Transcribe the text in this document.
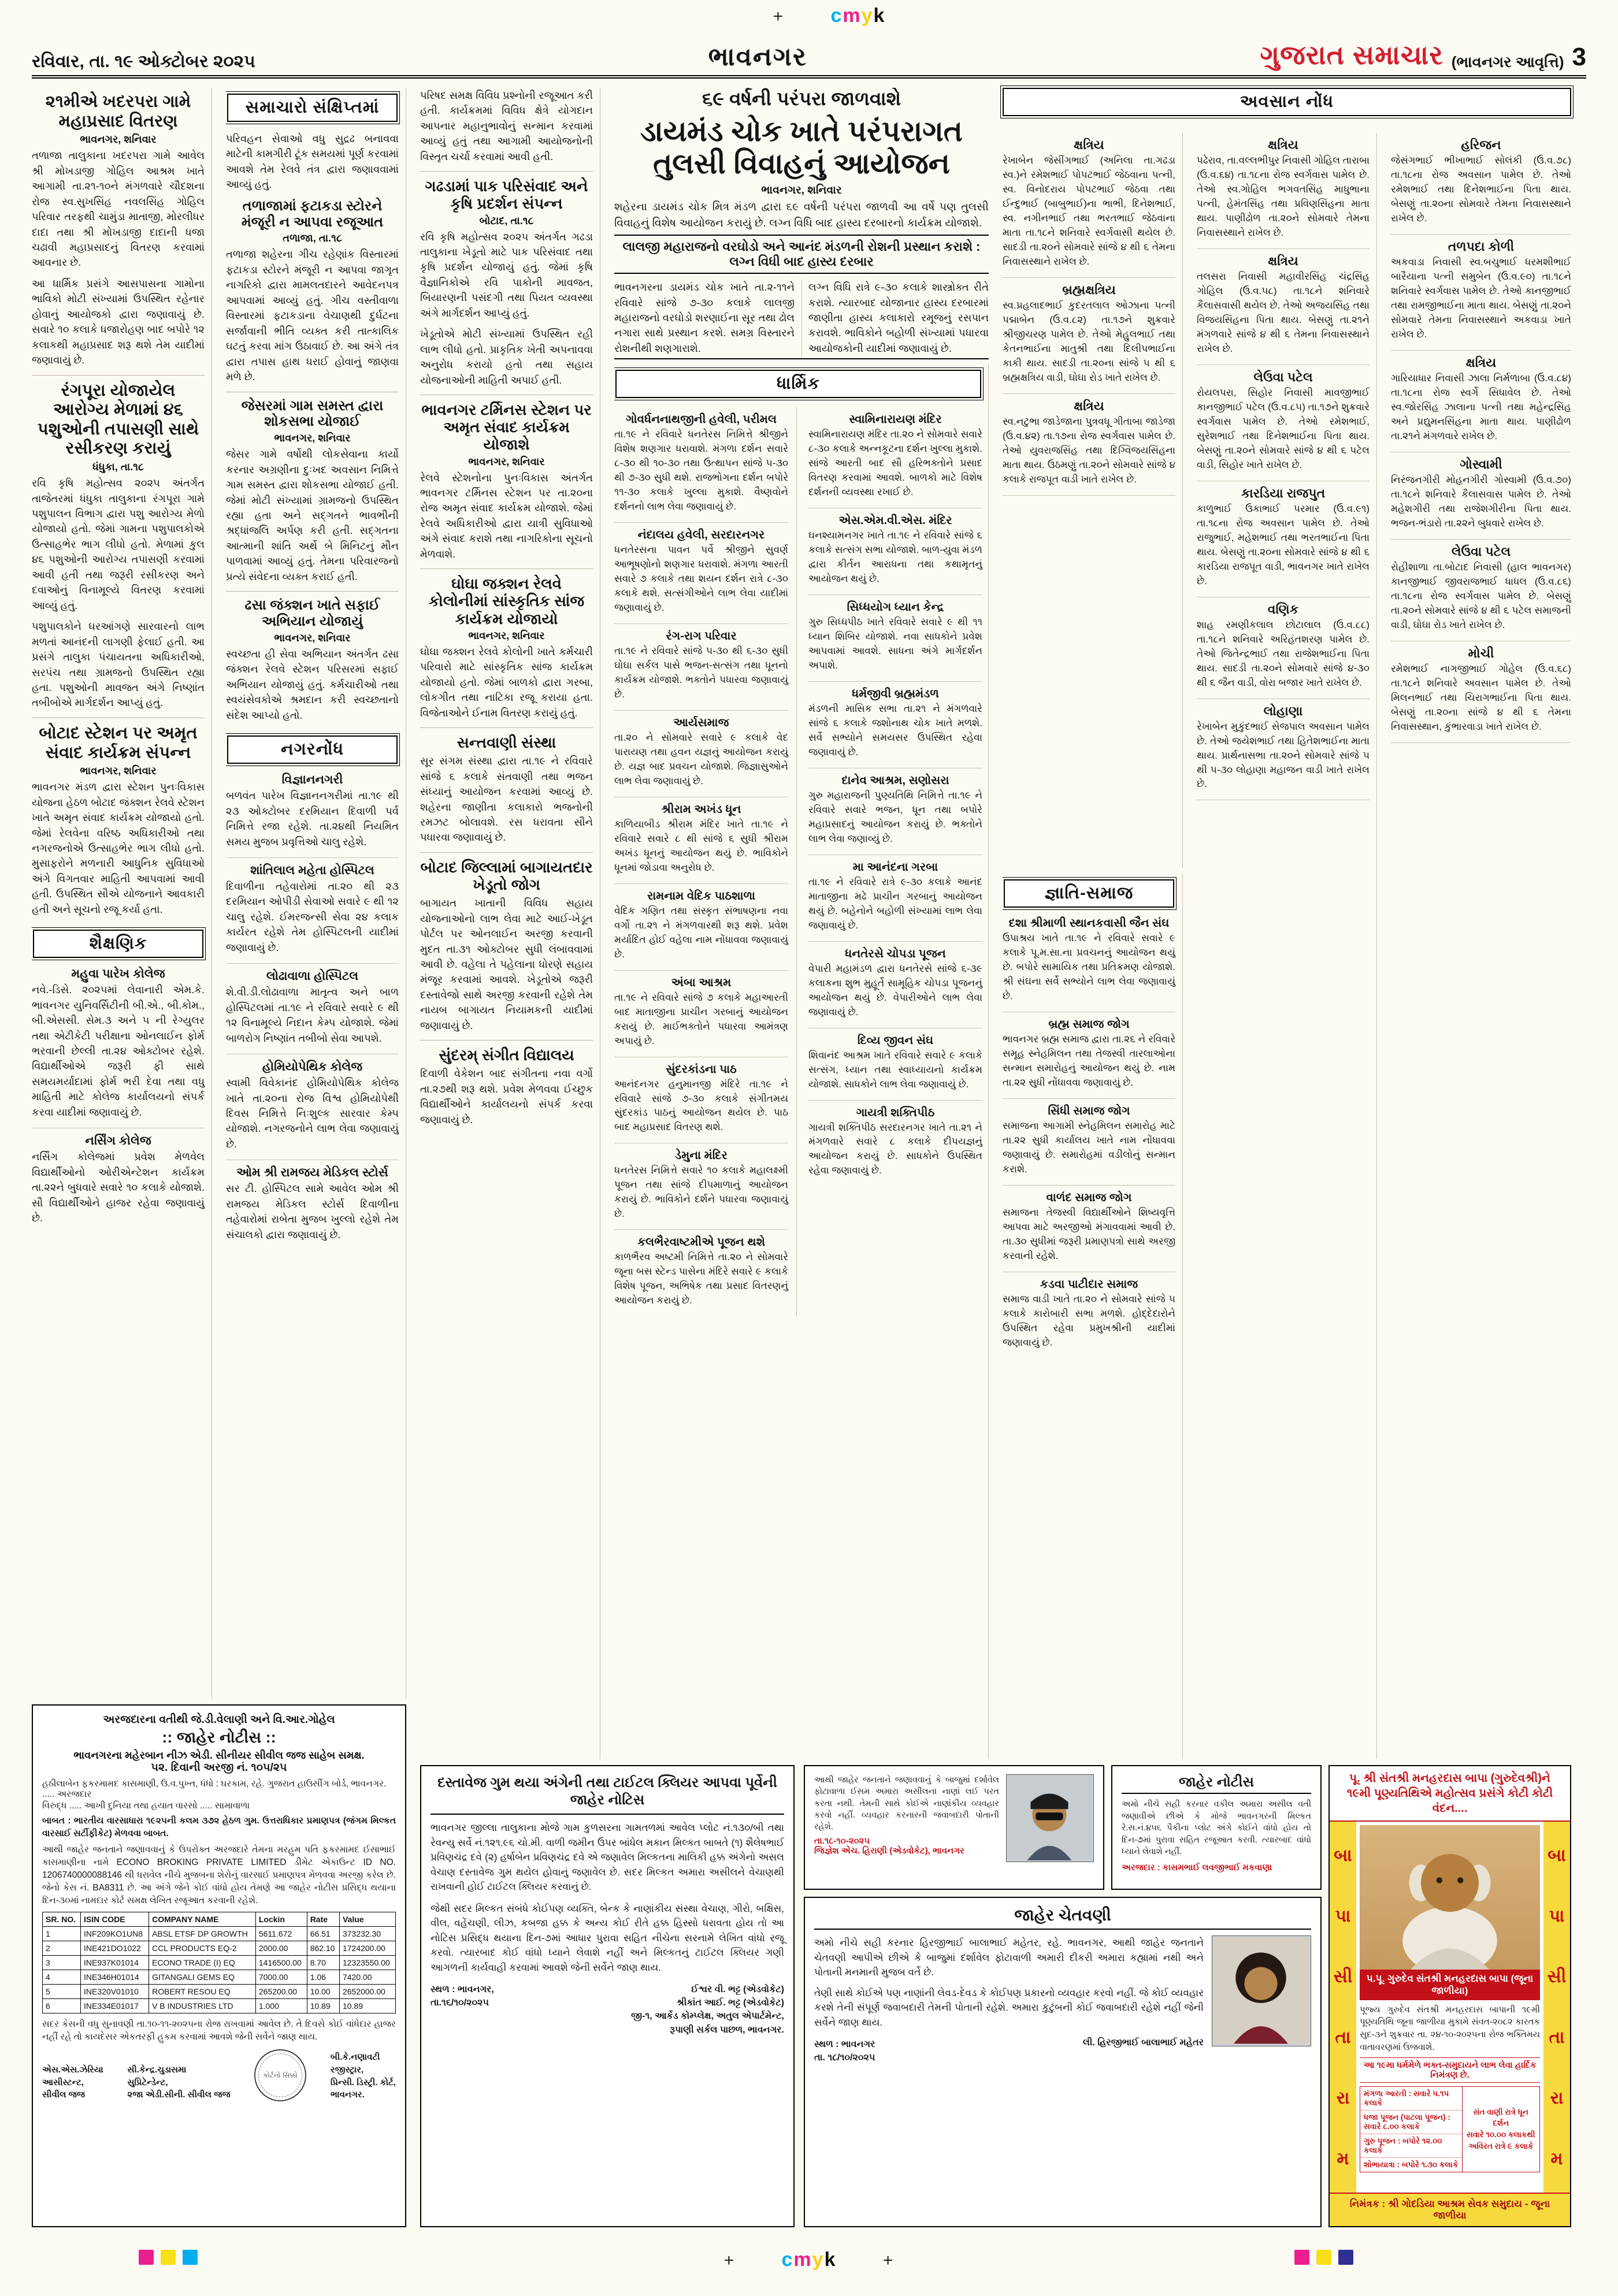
+ cmyk
રવિવાર, તા. ૧૯ ઓક્ટોબર ૨૦૨૫	ભાવનગર	ગુજરાત સમાચાર (ભાવનગર આવૃત્તિ) 3
૨૧મીએ ખદરપરા ગામે મહાપ્રસાદ વિતરણ
ભાવનગર, શનિવાર

તળાજા તાલુકાના ખદરપરા ગામે આવેલ શ્રી મોખડાજી ગોહિલ આશ્રમ ખાતે આગામી તા.૨૧-૧૦ને મંગળવારે ચૌદશના રોજ સ્વ.સુખસિંહ નવલસિંહ ગોહિલ પરિવાર તરફથી ચામુંડા માતાજી, મોરલીધર દાદા તથા શ્રી મોખડાજી દાદાની ધજા ચઢાવી મહાપ્રસાદનું વિતરણ કરવામાં આવનાર છે.

આ ધાર્મિક પ્રસંગે આસપાસના ગામોના ભાવિકો મોટી સંખ્યામાં ઉપસ્થિત રહેનાર હોવાનું આયોજકો દ્વારા જણાવાયું છે. સવારે ૧૦ કલાકે ધજારોહણ બાદ બપોરે ૧૨ કલાકથી મહાપ્રસાદ શરૂ થશે તેમ યાદીમાં જણાવાયું છે.

રંગપૂરા યોજાયેલ આરોગ્ય મેળામાં ૪૬ પશુઓની તપાસણી સાથે રસીકરણ કરાયું
ધંધુકા, તા.૧૮

રવિ કૃષિ મહોત્સવ ૨૦૨૫ અંતર્ગત તાજેતરમાં ધંધુકા તાલુકાના રંગપૂરા ગામે પશુપાલન વિભાગ દ્વારા પશુ આરોગ્ય મેળો યોજાયો હતો. જેમાં ગામના પશુપાલકોએ ઉત્સાહભેર ભાગ લીધો હતો. મેળામાં કુલ ૪૬ પશુઓની આરોગ્ય તપાસણી કરવામાં આવી હતી તથા જરૂરી રસીકરણ અને દવાઓનું વિનામૂલ્યે વિતરણ કરવામાં આવ્યું હતું.

પશુપાલકોને ઘરઆંગણે સારવારનો લાભ મળતાં આનંદની લાગણી ફેલાઈ હતી. આ પ્રસંગે તાલુકા પંચાયતના અધિકારીઓ, સરપંચ તથા ગ્રામજનો ઉપસ્થિત રહ્યા હતા. પશુઓની માવજત અંગે નિષ્ણાંત તબીબોએ માર્ગદર્શન આપ્યું હતું.

બોટાદ સ્ટેશન પર અમૃત સંવાદ કાર્યક્રમ સંપન્ન
ભાવનગર, શનિવાર

ભાવનગર મંડળ દ્વારા સ્ટેશન પુનઃવિકાસ યોજના હેઠળ બોટાદ જંક્શન રેલવે સ્ટેશન ખાતે અમૃત સંવાદ કાર્યક્રમ યોજાયો હતો. જેમાં રેલવેના વરિષ્ઠ અધિકારીઓ તથા નગરજનોએ ઉત્સાહભેર ભાગ લીધો હતો. મુસાફરોને મળનારી આધુનિક સુવિધાઓ અંગે વિગતવાર માહિતી આપવામાં આવી હતી. ઉપસ્થિત સૌએ યોજનાને આવકારી હતી અને સૂચનો રજૂ કર્યા હતા.

શૈક્ષણિક
મહુવા પારેખ કોલેજ

નવે.-ડિસે. ૨૦૨૫માં લેવાનારી એમ.કે. ભાવનગર યુનિવર્સિટીની બી.એ., બી.કોમ., બી.એસસી. સેમ.૩ અને ૫ ની રેગ્યુલર તથા એટીકેટી પરીક્ષાના ઓનલાઈન ફોર્મ ભરવાની છેલ્લી તા.૨૪ ઓક્ટોબર રહેશે. વિદ્યાર્થીઓએ જરૂરી ફી સાથે સમયમર્યાદામાં ફોર્મ ભરી દેવા તથા વધુ માહિતી માટે કોલેજ કાર્યાલયનો સંપર્ક કરવા યાદીમાં જણાવાયું છે.

નર્સિંગ કોલેજ

નર્સિંગ કોલેજમાં પ્રવેશ મેળવેલ વિદ્યાર્થીઓનો ઓરીએન્ટેશન કાર્યક્રમ તા.૨૨ને બુધવારે સવારે ૧૦ કલાકે યોજાશે. સૌ વિદ્યાર્થીઓને હાજર રહેવા જણાવાયું છે.

સમાચારો સંક્ષિપ્તમાં

પરિવહન સેવાઓ વધુ સુદ્રઢ બનાવવા માટેની કામગીરી ટૂંક સમયમાં પૂર્ણ કરવામાં આવશે તેમ રેલવે તંત્ર દ્વારા જણાવવામાં આવ્યું હતું.

તળાજામાં ફટાકડા સ્ટોરને મંજૂરી ન આપવા રજૂઆત
તળાજા, તા.૧૮

તળાજા શહેરના ગીચ રહેણાંક વિસ્તારમાં ફટાકડા સ્ટોરને મંજૂરી ન આપવા જાગૃત નાગરિકો દ્વારા મામલતદારને આવેદનપત્ર આપવામાં આવ્યું હતું. ગીચ વસ્તીવાળા વિસ્તારમાં ફટાકડાના વેચાણથી દુર્ઘટના સર્જાવાની ભીતિ વ્યક્ત કરી તાત્કાલિક ઘટતું કરવા માંગ ઉઠાવાઈ છે. આ અંગે તંત્ર દ્વારા તપાસ હાથ ધરાઈ હોવાનું જાણવા મળે છે.

જેસરમાં ગામ સમસ્ત દ્વારા શોકસભા યોજાઈ
ભાવનગર, શનિવાર

જેસર ગામે વર્ષોથી લોકસેવાના કાર્યો કરનાર અગ્રણીના દુઃખદ અવસાન નિમિત્તે ગામ સમસ્ત દ્વારા શોકસભા યોજાઈ હતી. જેમાં મોટી સંખ્યામાં ગ્રામજનો ઉપસ્થિત રહ્યા હતા અને સદ્ગતને ભાવભીની શ્રદ્ધાંજલિ અર્પણ કરી હતી. સદ્ગતના આત્માની શાંતિ અર્થે બે મિનિટનું મૌન પાળવામાં આવ્યું હતું. તેમના પરિવારજનો પ્રત્યે સંવેદના વ્યક્ત કરાઈ હતી.

ઢસા જંક્શન ખાતે સફાઈ અભિયાન યોજાયું
ભાવનગર, શનિવાર

સ્વચ્છતા હી સેવા અભિયાન અંતર્ગત ઢસા જંક્શન રેલવે સ્ટેશન પરિસરમાં સફાઈ અભિયાન યોજાયું હતું. કર્મચારીઓ તથા સ્વયંસેવકોએ શ્રમદાન કરી સ્વચ્છતાનો સંદેશ આપ્યો હતો.

નગરનોંધ
વિજ્ઞાનનગરી

બળવંત પારેખ વિજ્ઞાનનગરીમાં તા.૧૯ થી ૨૩ ઓક્ટોબર દરમિયાન દિવાળી પર્વ નિમિત્તે રજા રહેશે. તા.૨૪થી નિયમિત સમય મુજબ પ્રવૃત્તિઓ ચાલુ રહેશે.

શાંતિલાલ મહેતા હોસ્પિટલ

દિવાળીના તહેવારોમાં તા.૨૦ થી ૨૩ દરમિયાન ઓપીડી સેવાઓ સવારે ૯ થી ૧૨ ચાલુ રહેશે. ઈમરજન્સી સેવા ૨૪ કલાક કાર્યરત રહેશે તેમ હોસ્પિટલની યાદીમાં જણાવાયું છે.

લોઢાવાળા હોસ્પિટલ

શે.વી.ડી.લોઢાવાળા માતૃત્વ અને બાળ હોસ્પિટલમાં તા.૧૯ ને રવિવારે સવારે ૯ થી ૧૨ વિનામૂલ્યે નિદાન કેમ્પ યોજાશે. જેમાં બાળરોગ નિષ્ણાંત તબીબો સેવા આપશે.

હોમિયોપેથિક કોલેજ

સ્વામી વિવેકાનંદ હોમિયોપેથિક કોલેજ ખાતે તા.૨૦ના રોજ વિશ્વ હોમિયોપેથી દિવસ નિમિત્તે નિઃશુલ્ક સારવાર કેમ્પ યોજાશે. નગરજનોને લાભ લેવા જણાવાયું છે.

ઓમ શ્રી રામજય મેડિકલ સ્ટોર્સ

સર ટી. હોસ્પિટલ સામે આવેલ ઓમ શ્રી રામજય મેડિકલ સ્ટોર્સ દિવાળીના તહેવારોમાં રાબેતા મુજબ ખુલ્લો રહેશે તેમ સંચાલકો દ્વારા જણાવાયું છે.

પરિષદ સમક્ષ વિવિધ પ્રશ્નોની રજૂઆત કરી હતી. કાર્યક્રમમાં વિવિધ ક્ષેત્રે યોગદાન આપનાર મહાનુભાવોનું સન્માન કરવામાં આવ્યું હતું તથા આગામી આયોજનોની વિસ્તૃત ચર્ચા કરવામાં આવી હતી.

ગઢડામાં પાક પરિસંવાદ અને કૃષિ પ્રદર્શન સંપન્ન
બોટાદ, તા.૧૮

રવિ કૃષિ મહોત્સવ ૨૦૨૫ અંતર્ગત ગઢડા તાલુકાના ખેડૂતો માટે પાક પરિસંવાદ તથા કૃષિ પ્રદર્શન યોજાયું હતું. જેમાં કૃષિ વૈજ્ઞાનિકોએ રવિ પાકોની માવજત, બિયારણની પસંદગી તથા પિયત વ્યવસ્થા અંગે માર્ગદર્શન આપ્યું હતું.

ખેડૂતોએ મોટી સંખ્યામાં ઉપસ્થિત રહી લાભ લીધો હતો. પ્રાકૃતિક ખેતી અપનાવવા અનુરોધ કરાયો હતો તથા સહાય યોજનાઓની માહિતી અપાઈ હતી.

ભાવનગર ટર્મિનસ સ્ટેશન પર અમૃત સંવાદ કાર્યક્રમ યોજાશે
ભાવનગર, શનિવાર

રેલવે સ્ટેશનોના પુનઃવિકાસ અંતર્ગત ભાવનગર ટર્મિનસ સ્ટેશન પર તા.૨૦ના રોજ અમૃત સંવાદ કાર્યક્રમ યોજાશે. જેમાં રેલવે અધિકારીઓ દ્વારા યાત્રી સુવિધાઓ અંગે સંવાદ કરાશે તથા નાગરિકોના સૂચનો મેળવાશે.

ઘોઘા જક્શન રેલવે કોલોનીમાં સાંસ્કૃતિક સાંજ કાર્યક્રમ યોજાયો
ભાવનગર, શનિવાર

ઘોઘા જક્શન રેલવે કોલોની ખાતે કર્મચારી પરિવારો માટે સાંસ્કૃતિક સાંજ કાર્યક્રમ યોજાયો હતો. જેમાં બાળકો દ્વારા ગરબા, લોકગીત તથા નાટિકા રજૂ કરાયા હતા. વિજેતાઓને ઈનામ વિતરણ કરાયું હતું.

સન્તવાણી સંસ્થા

સૂર સંગમ સંસ્થા દ્વારા તા.૧૯ ને રવિવારે સાંજે ૬ કલાકે સંતવાણી તથા ભજન સંધ્યાનું આયોજન કરવામાં આવ્યું છે. શહેરના જાણીતા કલાકારો ભજનોની રમઝટ બોલાવશે. રસ ધરાવતા સૌને પધારવા જણાવાયું છે.

બોટાદ જિલ્લામાં બાગાયતદાર ખેડૂતો જોગ

બાગાયત ખાતાની વિવિધ સહાય યોજનાઓનો લાભ લેવા માટે આઈ-ખેડૂત પોર્ટલ પર ઓનલાઈન અરજી કરવાની મુદત તા.૩૧ ઓક્ટોબર સુધી લંબાવવામાં આવી છે. વહેલા તે પહેલાના ધોરણે સહાય મંજૂર કરવામાં આવશે. ખેડૂતોએ જરૂરી દસ્તાવેજો સાથે અરજી કરવાની રહેશે તેમ નાયબ બાગાયત નિયામકની યાદીમાં જણાવાયું છે.

સુંદરમ્ સંગીત વિદ્યાલય

દિવાળી વેકેશન બાદ સંગીતના નવા વર્ગો તા.૨૭થી શરૂ થશે. પ્રવેશ મેળવવા ઈચ્છુક વિદ્યાર્થીઓને કાર્યાલયનો સંપર્ક કરવા જણાવાયું છે.

૬૯ વર્ષની પરંપરા જાળવાશે
ડાયમંડ ચોક ખાતે પરંપરાગત તુલસી વિવાહનું આયોજન
ભાવનગર, શનિવાર

શહેરના ડાયમંડ ચોક મિત્ર મંડળ દ્વારા ૬૯ વર્ષની પરંપરા જાળવી આ વર્ષે પણ તુલસી વિવાહનું વિશેષ આયોજન કરાયું છે. લગ્ન વિધિ બાદ હાસ્ય દરબારનો કાર્યક્રમ યોજાશે.

લાલજી મહારાજનો વરઘોડો અને આનંદ મંડળની રોશની પ્રસ્થાન કરાશે : લગ્ન વિધી બાદ હાસ્ય દરબાર

ભાવનગરના ડાયમંડ ચોક ખાતે તા.૨-૧૧ને રવિવારે સાંજે ૭-૩૦ કલાકે લાલજી મહારાજનો વરઘોડો શરણાઈના સૂર તથા ઢોલ નગારા સાથે પ્રસ્થાન કરશે. સમગ્ર વિસ્તારને રોશનીથી શણગારાશે.

લગ્ન વિધિ રાત્રે ૯-૩૦ કલાકે શાસ્ત્રોક્ત રીતે કરાશે. ત્યારબાદ યોજાનાર હાસ્ય દરબારમાં જાણીતા હાસ્ય કલાકારો રમૂજનું રસપાન કરાવશે. ભાવિકોને બહોળી સંખ્યામાં પધારવા આયોજકોની યાદીમાં જણાવાયું છે.

ધાર્મિક
ગોવર્ધનનાથજીની હવેલી, પરીમલ

તા.૧૯ ને રવિવારે ધનતેરસ નિમિત્તે શ્રીજીને વિશેષ શણગાર ધરાવાશે. મંગળા દર્શન સવારે ૮-૩૦ થી ૧૦-૩૦ તથા ઉત્થાપન સાંજે ૫-૩૦ થી ૭-૩૦ સુધી થશે. રાજભોગના દર્શન બપોરે ૧૧-૩૦ કલાકે ખુલ્લા મુકાશે. વૈષ્ણવોને દર્શનનો લાભ લેવા જણાવાયું છે.

નંદાલય હવેલી, સરદારનગર

ધનતેરસના પાવન પર્વે શ્રીજીને સુવર્ણ આભૂષણોનો શણગાર ધરાવાશે. મંગળા આરતી સવારે ૭ કલાકે તથા શયન દર્શન રાત્રે ૮-૩૦ કલાકે થશે. સત્સંગીઓને લાભ લેવા યાદીમાં જણાવાયું છે.

રંગ-રાગ પરિવાર

તા.૧૯ ને રવિવારે સાંજે ૫-૩૦ થી ૬-૩૦ સુધી ઘોઘા સર્કલ પાસે ભજન-સત્સંગ તથા ધૂનનો કાર્યક્રમ યોજાશે. ભક્તોને પધારવા જણાવાયું છે.

આર્યસમાજ

તા.૨૦ ને સોમવારે સવારે ૯ કલાકે વેદ પારાયણ તથા હવન યજ્ઞનું આયોજન કરાયું છે. યજ્ઞ બાદ પ્રવચન યોજાશે. જિજ્ઞાસુઓને લાભ લેવા જણાવાયું છે.

શ્રીરામ અખંડ ધૂન

કાળિયાબીડ શ્રીરામ મંદિર ખાતે તા.૧૯ ને રવિવારે સવારે ૮ થી સાંજે ૬ સુધી શ્રીરામ અખંડ ધૂનનું આયોજન થયું છે. ભાવિકોને ધૂનમાં જોડાવા અનુરોધ છે.

રામનામ વેદિક પાઠશાળા

વેદિક ગણિત તથા સંસ્કૃત સંભાષણના નવા વર્ગો તા.૨૧ ને મંગળવારથી શરૂ થશે. પ્રવેશ મર્યાદિત હોઈ વહેલા નામ નોંધાવવા જણાવાયું છે.

અંબા આશ્રમ

તા.૧૯ ને રવિવારે સાંજે ૭ કલાકે મહાઆરતી બાદ માતાજીના પ્રાચીન ગરબાનું આયોજન કરાયું છે. માઈભક્તોને પધારવા આમંત્રણ અપાયું છે.

સુંદરકાંડના પાઠ

આનંદનગર હનુમાનજી મંદિરે તા.૧૯ ને રવિવારે સાંજે ૭-૩૦ કલાકે સંગીતમય સુંદરકાંડ પાઠનું આયોજન થયેલ છે. પાઠ બાદ મહાપ્રસાદ વિતરણ થશે.

ડેમુના મંદિર

ધનતેરસ નિમિત્તે સવારે ૧૦ કલાકે મહાલક્ષ્મી પૂજન તથા સાંજે દીપમાળાનું આયોજન કરાયું છે. ભાવિકોને દર્શને પધારવા જણાવાયું છે.

કલભૈરવાષ્ટમીએ પૂજન થશે

કાળભૈરવ અષ્ટમી નિમિત્તે તા.૨૦ ને સોમવારે જૂના બસ સ્ટેન્ડ પાસેના મંદિરે સવારે ૯ કલાકે વિશેષ પૂજન, અભિષેક તથા પ્રસાદ વિતરણનું આયોજન કરાયું છે.

સ્વામિનારાયણ મંદિર

સ્વામિનારાયણ મંદિર તા.૨૦ ને સોમવારે સવારે ૮-૩૦ કલાકે અન્નકૂટના દર્શન ખુલ્લા મુકાશે. સાંજે આરતી બાદ સૌ હરિભક્તોને પ્રસાદ વિતરણ કરવામાં આવશે. બાળકો માટે વિશેષ દર્શનની વ્યવસ્થા રખાઈ છે.

એસ.એમ.વી.એસ. મંદિર

ઘનશ્યામનગર ખાતે તા.૧૯ ને રવિવારે સાંજે ૬ કલાકે સત્સંગ સભા યોજાશે. બાળ-યુવા મંડળ દ્વારા કીર્તન આરાધના તથા કથામૃતનું આયોજન થયું છે.

સિધ્ધયોગ ધ્યાન કેન્દ્ર

ગુરુ સિધ્ધપીઠ ખાતે રવિવારે સવારે ૯ થી ૧૧ ધ્યાન શિબિર યોજાશે. નવા સાધકોને પ્રવેશ આપવામાં આવશે. સાધના અંગે માર્ગદર્શન અપાશે.

ધર્મજીવી બ્રહ્મમંડળ

મંડળની માસિક સભા તા.૨૧ ને મંગળવારે સાંજે ૬ કલાકે જશોનાથ ચોક ખાતે મળશે. સર્વે સભ્યોને સમયસર ઉપસ્થિત રહેવા જણાવાયું છે.

દાનેવ આશ્રમ, સણોસરા

ગુરુ મહારાજની પુણ્યતિથિ નિમિત્તે તા.૧૯ ને રવિવારે સવારે ભજન, ધૂન તથા બપોરે મહાપ્રસાદનું આયોજન કરાયું છે. ભક્તોને લાભ લેવા જણાવ્યું છે.

મા આનંદના ગરબા

તા.૧૯ ને રવિવારે રાત્રે ૯-૩૦ કલાકે આનંદ માતાજીના મઢે પ્રાચીન ગરબાનું આયોજન થયું છે. બહેનોને બહોળી સંખ્યામાં લાભ લેવા જણાવાયું છે.

ધનતેરસે ચોપડા પૂજન

વેપારી મહામંડળ દ્વારા ધનતેરસે સાંજે ૬-૩૯ કલાકના શુભ મુહૂર્તે સામૂહિક ચોપડા પૂજનનું આયોજન થયું છે. વેપારીઓને લાભ લેવા જણાવાયું છે.

દિવ્ય જીવન સંઘ

શિવાનંદ આશ્રમ ખાતે રવિવારે સવારે ૯ કલાકે સત્સંગ, ધ્યાન તથા સ્વાધ્યાયનો કાર્યક્રમ યોજાશે. સાધકોને લાભ લેવા જણાવાયું છે.

ગાયત્રી શક્તિપીઠ

ગાયત્રી શક્તિપીઠ સરદારનગર ખાતે તા.૨૧ ને મંગળવારે સવારે ૮ કલાકે દીપયજ્ઞનું આયોજન કરાયું છે. સાધકોને ઉપસ્થિત રહેવા જણાવાયું છે.

અવસાન નોંધ
ક્ષત્રિય

રેખાબેન જેસીંગભાઈ (અનિલા તા.ગઢડા સ્વ.)ને રમેશભાઈ પોપટભાઈ જેઠવાના પત્ની, સ્વ. વિનોદરાય પોપટભાઈ જેઠવા તથા ઈન્દુભાઈ (બાબુભાઈ)ના ભાભી, દિનેશભાઈ, સ્વ. નગીનભાઈ તથા ભરતભાઈ જેઠવાના માતા તા.૧૮ને શનિવારે સ્વર્ગવાસી થયેલ છે. સાદડી તા.૨૦ને સોમવારે સાંજે ૪ થી ૬ તેમના નિવાસસ્થાને રાખેલ છે.

બ્રહ્મક્ષત્રિય

સ્વ.પ્રહલાદભાઈ કુદરતલાલ ઓઝાના પત્ની પદ્માબેન (ઉ.વ.૮૨) તા.૧૭ને શુક્રવારે શ્રીજીચરણ પામેલ છે. તેઓ મેહુલભાઈ તથા કેતનભાઈના માતુશ્રી તથા દિલીપભાઈના કાકી થાય. સાદડી તા.૨૦ના સાંજે ૫ થી ૬ બ્રહ્મક્ષત્રિય વાડી, ઘોઘા રોડ ખાતે રાખેલ છે.

ક્ષત્રિય

સ્વ.નટુભા જાડેજાના પુત્રવધૂ ગીતાબા જાડેજા (ઉ.વ.૪૨) તા.૧૭ના રોજ સ્વર્ગવાસ પામેલ છે. તેઓ યુવરાજસિંહ તથા દિગ્વિજયસિંહના માતા થાય. ઉઠમણું તા.૨૦ને સોમવારે સાંજે ૪ કલાકે રાજપૂત વાડી ખાતે રાખેલ છે.

જ્ઞાતિ-સમાજ
દશા શ્રીમાળી સ્થાનકવાસી જૈન સંઘ

ઉપાશ્રય ખાતે તા.૧૯ ને રવિવારે સવારે ૯ કલાકે પૂ.મ.સા.ના પ્રવચનનું આયોજન થયું છે. બપોરે સામાયિક તથા પ્રતિક્રમણ યોજાશે. શ્રી સંઘના સર્વે સભ્યોને લાભ લેવા જણાવાયું છે.

બ્રહ્મ સમાજ જોગ

ભાવનગર બ્રહ્મ સમાજ દ્વારા તા.૨૬ ને રવિવારે સમૂહ સ્નેહમિલન તથા તેજસ્વી તારલાઓના સન્માન સમારોહનું આયોજન થયું છે. નામ તા.૨૨ સુધી નોંધાવવા જણાવાયું છે.

સિંધી સમાજ જોગ

સમાજના આગામી સ્નેહમિલન સમારોહ માટે તા.૨૨ સુધી કાર્યાલય ખાતે નામ નોંધાવવા જણાવાયું છે. સમારોહમાં વડીલોનું સન્માન કરાશે.

વાળંદ સમાજ જોગ

સમાજના તેજસ્વી વિદ્યાર્થીઓને શિષ્યવૃત્તિ આપવા માટે અરજીઓ મંગાવવામાં આવી છે. તા.૩૦ સુધીમાં જરૂરી પ્રમાણપત્રો સાથે અરજી કરવાની રહેશે.

કડવા પાટીદાર સમાજ

સમાજ વાડી ખાતે તા.૨૦ ને સોમવારે સાંજે ૫ કલાકે કારોબારી સભા મળશે. હોદ્દેદારોને ઉપસ્થિત રહેવા પ્રમુખશ્રીની યાદીમાં જણાવાયું છે.

ક્ષત્રિય

પઢેરાવ, તા.વલ્લભીપુર નિવાસી ગોહિલ તારાબા (ઉ.વ.૬૪) તા.૧૮ના રોજ સ્વર્ગવાસ પામેલ છે. તેઓ સ્વ.ગોહિલ ભગવતસિંહ માધુભાના પત્ની, હેમંતસિંહ તથા પ્રવિણસિંહના માતા થાય. પાણીઢોળ તા.૨૦ને સોમવારે તેમના નિવાસસ્થાને રાખેલ છે.

ક્ષત્રિય

તલસરા નિવાસી મહાવીરસિંહ ચંદ્રસિંહ ગોહિલ (ઉ.વ.૫૮) તા.૧૮ને શનિવારે કૈલાસવાસી થયેલ છે. તેઓ અજયસિંહ તથા વિજયસિંહના પિતા થાય. બેસણું તા.૨૧ને મંગળવારે સાંજે ૪ થી ૬ તેમના નિવાસસ્થાને રાખેલ છે.

લેઉવા પટેલ

રોયલપરા, સિહોર નિવાસી માવજીભાઈ કાનજીભાઈ પટેલ (ઉ.વ.૮૫) તા.૧૭ને શુક્રવારે સ્વર્ગવાસ પામેલ છે. તેઓ રમેશભાઈ, સુરેશભાઈ તથા દિનેશભાઈના પિતા થાય. બેસણું તા.૨૦ને સોમવારે સાંજે ૪ થી ૬ પટેલ વાડી, સિહોર ખાતે રાખેલ છે.

કારડિયા રાજપુત

કાળુભાઈ ઉકાભાઈ પરમાર (ઉ.વ.૯૧) તા.૧૮ના રોજ અવસાન પામેલ છે. તેઓ રાજુભાઈ, મહેશભાઈ તથા ભરતભાઈના પિતા થાય. બેસણું તા.૨૦ના સોમવારે સાંજે ૪ થી ૬ કારડિયા રાજપૂત વાડી, ભાવનગર ખાતે રાખેલ છે.

વણિક

શાહ રમણીકલાલ છોટાલાલ (ઉ.વ.૮૮) તા.૧૮ને શનિવારે અરિહંતશરણ પામેલ છે. તેઓ જિતેન્દ્રભાઈ તથા રાજેશભાઈના પિતા થાય. સાદડી તા.૨૦ને સોમવારે સાંજે ૪-૩૦ થી ૬ જૈન વાડી, વોરા બજાર ખાતે રાખેલ છે.

લોહાણા

રેખાબેન મુકુંદભાઈ સેજપાલ અવસાન પામેલ છે. તેઓ જયેશભાઈ તથા હિતેશભાઈના માતા થાય. પ્રાર્થનાસભા તા.૨૦ને સોમવારે સાંજે ૫ થી ૫-૩૦ લોહાણા મહાજન વાડી ખાતે રાખેલ છે.

હરિજન

જેસંગભાઈ ભીખાભાઈ સોલંકી (ઉ.વ.૭૮) તા.૧૮ના રોજ અવસાન પામેલ છે. તેઓ રમેશભાઈ તથા દિનેશભાઈના પિતા થાય. બેસણું તા.૨૦ના સોમવારે તેમના નિવાસસ્થાને રાખેલ છે.

તળપદા કોળી

અકવાડા નિવાસી સ્વ.બચુભાઈ ધરમશીભાઈ બારૈયાના પત્ની સમુબેન (ઉ.વ.૯૦) તા.૧૮ને શનિવારે સ્વર્ગવાસ પામેલ છે. તેઓ કાનજીભાઈ તથા રામજીભાઈના માતા થાય. બેસણું તા.૨૦ને સોમવારે તેમના નિવાસસ્થાને અકવાડા ખાતે રાખેલ છે.

ક્ષત્રિય

ગારિયાધાર નિવાસી ઝાલા નિર્મળાબા (ઉ.વ.૮૪) તા.૧૮ના રોજ સ્વર્ગે સિધાવેલ છે. તેઓ સ્વ.જોરસિંહ ઝાલાના પત્ની તથા મહેન્દ્રસિંહ અને પ્રદ્યુમનસિંહના માતા થાય. પાણીઢોળ તા.૨૧ને મંગળવારે રાખેલ છે.

ગોસ્વામી

નિરંજનગીરી મોહનગીરી ગોસ્વામી (ઉ.વ.૭૦) તા.૧૮ને શનિવારે કૈલાસવાસ પામેલ છે. તેઓ મહેશગીરી તથા રાજેશગીરીના પિતા થાય. ભજન-ભંડારો તા.૨૨ને બુધવારે રાખેલ છે.

લેઉવા પટેલ

રોહીશાળા તા.બોટાદ નિવાસી (હાલ ભાવનગર) કાનજીભાઈ જીવરાજભાઈ ધાધલ (ઉ.વ.૮૬) તા.૧૮ના રોજ સ્વર્ગવાસ પામેલ છે. બેસણું તા.૨૦ને સોમવારે સાંજે ૪ થી ૬ પટેલ સમાજની વાડી, ઘોઘા રોડ ખાતે રાખેલ છે.

મોચી

રમેશભાઈ નાગજીભાઈ ગોહેલ (ઉ.વ.૬૮) તા.૧૮ને શનિવારે અવસાન પામેલ છે. તેઓ મિલનભાઈ તથા ચિરાગભાઈના પિતા થાય. બેસણું તા.૨૦ના સાંજે ૪ થી ૬ તેમના નિવાસસ્થાન, કુંભારવાડા ખાતે રાખેલ છે.

અરજદારના વતીથી જે.ડી.વેલાણી અને વિ.આર.ગોહેલ
:: જાહેર નોટીસ ::
ભાવનગરના મહેરબાન નીઝ એડી. સીનીયર સીવીલ જજ સાહેબ સમક્ષ.
૫૨. દિવાની અરજી નં. ૧૦૫/૨૫
હઠીલાબેન ફકરમામદ કાસમાણી, ઉ.વ.પુખ્ત, ધંધો : ઘરકામ, રહે. ગુજરાત હાઉસીંગ બોર્ડ, ભાવનગર. ..... અરજદાર
વિરુદ્ધ ..... આખી દુનિયા તથા હયાત વારસો ..... સામાવાળા

બાબત : ભારતીય વારસાધારા ૧૯૨૫ની કલમ ૩૭૨ હેઠળ ગુમ. ઉત્તરાધિકાર પ્રમાણપત્ર (જંગમ મિલ્કત વારસાઈ સર્ટીફીકેટ) મેળવવા બાબત.

આથી જાહેર જનતાને જણાવવાનું કે ઉપરોક્ત અરજદારે તેમના મરહુમ પતિ ફકરમામદ ઈસાભાઈ કાસમાણીના નામે ECONO BROKING PRIVATE LIMITED ડીમેટ એકાઉન્ટ ID NO. 1206740000088146 થી ધરાવેલ નીચે મુજબના શેરોનું વારસાઈ પ્રમાણપત્ર મેળવવા અરજી કરેલ છે. જેનો કેસ નં. BA8311 છે. આ અંગે જેને કોઈ વાંધો હોય તેમણે આ જાહેર નોટીસ પ્રસિદ્ધ થયાના દિન-૩૦માં નામદાર કોર્ટ સમક્ષ લેખિત રજૂઆત કરવાની રહેશે.

SR. NO.	ISIN CODE	COMPANY NAME	Lockin	Rate	Value
1	INF209KO1UN8	ABSL ETSF DP GROWTH	5611.672	66.51	373232.30
2	INE421DO1022	CCL PRODUCTS EQ-2	2000.00	862.10	1724200.00
3	INE937K01014	ECONO TRADE (I) EQ	1416500.00	8.70	12323550.00
4	INE346H01014	GITANGALI GEMS EQ	7000.00	1.06	7420.00
5	INE320V01010	ROBERT RESOU EQ	265200.00	10.00	2652000.00
6	INE334E01017	V B INDUSTRIES LTD	1.000	10.89	10.89

સદર કેસની વધુ સુનાવણી તા.૧૦-૧૧-૨૦૨૫ના રોજ રાખવામાં આવેલ છે. તે દિવસે કોઈ વાંધેદાર હાજર નહીં રહે તો કાયદેસર એકતરફી હુકમ કરવામાં આવશે જેની સર્વેને જાણ થાય.

એસ.એસ.ઝેરિયા
આસીસ્ટન્ટ,
સીવીલ જજ
સી.કેન્દ્ર.ચુડાસમા
સુપ્રિટેન્ડેન્ટ,
૨જા એડી.સીની. સીવીલ જજ
કોર્ટનો સિક્કો
બી.કે.નણાવટી
રજીસ્ટ્રાર,
પ્રિન્સી. ડિસ્ટ્રી. કોર્ટ,
ભાવનગર.
દસ્તાવેજ ગુમ થયા અંગેની તથા ટાઈટલ ક્લિયર આપવા પૂર્વેની જાહેર નોટિસ

ભાવનગર જીલ્લા તાલુકાના મોજે ગામ કુળસરના ગામતળમાં આવેલ પ્લોટ નં.૧૩૦/બી તથા રેવન્યુ સર્વે નં.૧૨૧.૯૬ ચો.મી. વાળી જમીન ઉપર બાંધેલ મકાન મિલ્કત બાબતે (૧) શૈલેષભાઈ પ્રવિણચંદ્ર દવે (૨) હર્ષાબેન પ્રવિણચંદ્ર દવે એ જણાવેલ મિલ્કતના માલિકી હક્ક અંગેનો અસલ વેચાણ દસ્તાવેજ ગુમ થયેલ હોવાનું જણાવેલ છે. સદર મિલ્કત અમારા અસીલને વેચાણથી રાખવાની હોઈ ટાઈટલ ક્લિયર કરવાનું છે.

જેથી સદર મિલ્કત સંબંધે કોઈપણ વ્યક્તિ, બેન્ક કે નાણાંકીય સંસ્થા વેચાણ, ગીરો, બક્ષિસ, વીલ, વહેંચણી, લીઝ, કબજા હક્ક કે અન્ય કોઈ રીતે હક્ક હિસ્સો ધરાવતા હોય તો આ નોટિસ પ્રસિદ્ધ થયાના દિન-૭માં આધાર પુરાવા સહિત નીચેના સરનામે લેખિત વાંધો રજૂ કરવો. ત્યારબાદ કોઈ વાંધો ધ્યાને લેવાશે નહીં અને મિલ્કતનું ટાઈટલ ક્લિયર ગણી આગળની કાર્યવાહી કરવામાં આવશે જેની સર્વેને જાણ થાય.

સ્થળ : ભાવનગર,
તા.૧૬/૧૦/૨૦૨૫
ઈશ્વર વી. ભટ્ટ (એડવોકેટ)
શ્રીકાંત આઈ. ભટ્ટ (એડવોકેટ)
જી-૧, આર્કેડ કોમ્પ્લેક્ષ, અતુલ એપાર્ટમેન્ટ,
રૂપાણી સર્કલ પાછળ, ભાવનગર.

આથી જાહેર જનતાને જણાવવાનું કે બાજુમાં દર્શાવેલ ફોટાવાળા ઈસમ અમારા અસીલના નાણાં લઈ પરત કરતા નથી. તેમની સાથે કોઈએ નાણાંકીય વ્યવહાર કરવો નહીં. વ્યવહાર કરનારની જવાબદારી પોતાની રહેશે.

તા.૧૮-૧૦-૨૦૨૫
જિજ્ઞેશ એચ. હિરાણી (એડવોકેટ), ભાવનગર
જાહેર નોટીસ

અમો નીચે સહી કરનાર વકીલ અમારા અસીલ વતી જણાવીએ છીએ કે મોજે ભાવનગરની મિલ્કત રે.સ.નં.૪૫૬ પૈકીના પ્લોટ અંગે કોઈને વાંધો હોય તો દિન-૭માં પુરાવા સહિત રજૂઆત કરવી. ત્યારબાદ વાંધો ધ્યાને લેવાશે નહીં.

અરજદાર : કાસમભાઈ લવજીભાઈ મકવાણા
જાહેર ચેતવણી

અમો નીચે સહી કરનાર હિરજીભાઈ બાલાભાઈ મહેતર, રહે. ભાવનગર, આથી જાહેર જનતાને ચેતવણી આપીએ છીએ કે બાજુમાં દર્શાવેલ ફોટાવાળી અમારી દીકરી અમારા કહ્યામાં નથી અને પોતાની મનમાની મુજબ વર્તે છે.

તેણી સાથે કોઈએ પણ નાણાંની લેવડ-દેવડ કે કોઈપણ પ્રકારનો વ્યવહાર કરવો નહીં. જે કોઈ વ્યવહાર કરશે તેની સંપૂર્ણ જવાબદારી તેમની પોતાની રહેશે. અમારા કુટુંબની કોઈ જવાબદારી રહેશે નહીં જેની સર્વેને જાણ થાય.

સ્થળ : ભાવનગર
તા. ૧૮/૧૦/૨૦૨૫
લી. હિરજીભાઈ બાલાભાઈ મહેતર
પૂ. શ્રી સંતશ્રી મનહરદાસ બાપા (ગુરુદેવશ્રી)ને
૧૯મી પૂણ્યતિથિએ મહોત્સવ પ્રસંગે કોટી કોટી વંદન....
બા
પા
સી
તા
રા
મ
પ.પૂ. ગુરુદેવ સંતશ્રી મનહરદાસ બાપા (જૂના જાળીયા)

પૂજ્ય ગુરુદેવ સંતશ્રી મનહરદાસ બાપાની ૧૯મી પૂણ્યતિથિ જૂના જાળીયા મુકામે સંવત-૨૦૮૨ કારતક સુદ-૩ને શુક્રવાર તા. ૨૪-૧૦-૨૦૨૫ના રોજ ભક્તિમય વાતાવરણમાં ઉજવાશે.

આ ૧૯મા ધર્મમેળે ભક્ત-સમુદાયને લાભ લેવા હાર્દિક નિમંત્રણ છે.
મંગળા આરતી : સવારે ૫.૧૫ કલાકે
ધજા પૂજન (પાટલા પૂજન) : સવારે ૮.૦૦ કલાકે
ગુરુ પૂજન : બપોરે ૧૨.૦૦ કલાકે
શોભાયાત્રા : બપોરે ૧.૩૦ કલાકે
સંત વાણી રાત્રે ધૂન દર્શન
સવારે ૧૦.૦૦ કલાકથી
અવિરત રાત્રે ૯ કલાકે
બા
પા
સી
તા
રા
મ
નિમંત્રક : શ્રી ગોદડિયા આશ્રમ સેવક સમુદાય - જૂના જાળીયા
+ cmyk	+
